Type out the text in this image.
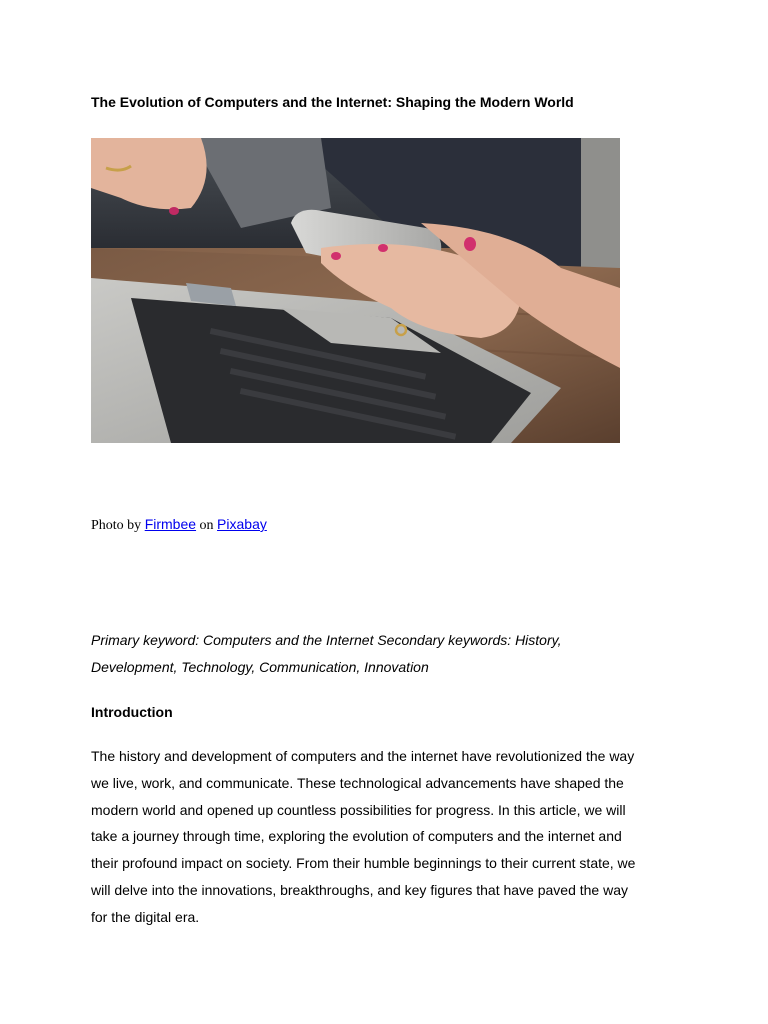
The Evolution of Computers and the Internet: Shaping the Modern World

Photo by Firmbee on Pixabay

Primary keyword: Computers and the Internet Secondary keywords: History,
Development, Technology, Communication, Innovation

Introduction

The history and development of computers and the internet have revolutionized the way
we live, work, and communicate. These technological advancements have shaped the
modern world and opened up countless possibilities for progress. In this article, we will
take a journey through time, exploring the evolution of computers and the internet and
their profound impact on society. From their humble beginnings to their current state, we
will delve into the innovations, breakthroughs, and key figures that have paved the way
for the digital era.
